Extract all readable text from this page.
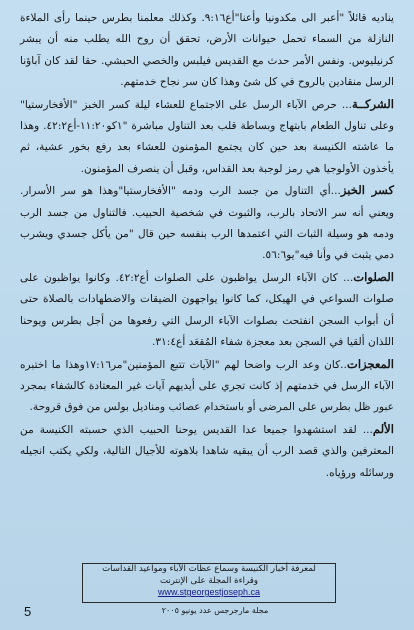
يناديه قائلاً "أعبر الى مكدونيا وأعنا"أع٩:١٦. وكذلك معلمنا بطرس حينما رأى الملاءة النازلة من السماء تحمل حيوانات الأرض، تحقق أن روح الله يطلب منه أن يبشر كرنيليوس. ونفس الأمر حدث مع القديس فيلبس والخصي الحبشي. حقا لقد كان آباؤنا الرسل منقادين بالروح في كل شئ وهذا كان سر نجاح خدمتهم.

الشركــة... حرص الآباء الرسل على الاجتماع للعشاء ليلة كسر الخبز "الأفخارستيا" وعلى تناول الطعام بابتهاج وبساطة قلب بعد التناول مباشرة "١كو١١:٢٠-أع٤٢:٢. وهذا ما عاشته الكنيسة بعد حين كان يجتمع المؤمنون للعشاء بعد رفع بخور عشية، ثم يأخذون الأولوجيا هي رمز لوجبة بعد القداس، وقبل أن ينصرف المؤمنون.

كسر الخبز...أي التناول من جسد الرب ودمه "الأفخارستيا"وهذا هو سر الأسرار. ويعني أنه سر الاتحاد بالرب، والثبوت في شخصية الحبيب. فالتناول من جسد الرب ودمه هو وسيلة الثبات التي اعتمدها الرب بنفسه حين قال "من يأكل جسدي ويشرب دمي يثبت في وأنا فيه"يو٥٦:٦.

الصلوات... كان الآباء الرسل يواظبون على الصلوات أع٤٢:٢. وكانوا يواظبون على صلوات السواعي في الهيكل، كما كانوا يواجهون الضيقات والاضطهادات بالصلاة حتى أن أبواب السجن انفتحت بصلوات الآباء الرسل التي رفعوها من أجل بطرس ويوحنا اللذان ألقيا في السجن بعد معجزة شفاء المُقعَد أع٣١:٤.

المعجزات..كان وعد الرب واضحا لهم "الآيات تتبع المؤمنين"مر١٧:١٦وهذا ما اختبره الآباء الرسل في خدمتهم إذ كانت تجري على أيديهم آيات غير المعتادة كالشفاء بمجرد عبور ظل بطرس على المرضى أو باستخدام عصائب ومناديل بولس من فوق قروحة.

الألم... لقد استشهدوا جميعا عدا القديس يوحنا الحبيب الذي حسبته الكنيسة من المعترفين والذي قصد الرب أن يبقيه شاهدا بلاهوته للأجيال التالية، ولكي يكتب انجيله ورسائله ورؤياه.

لمعرفة أخبار الكنيسة وسماع عظات الآباء ومواعيد القداسات
وقراءة المجلة على الإنترنت
www.stgeorgestjoseph.ca
5	مجلة مارجرجس عدد يونيو ٢٠٠٥
